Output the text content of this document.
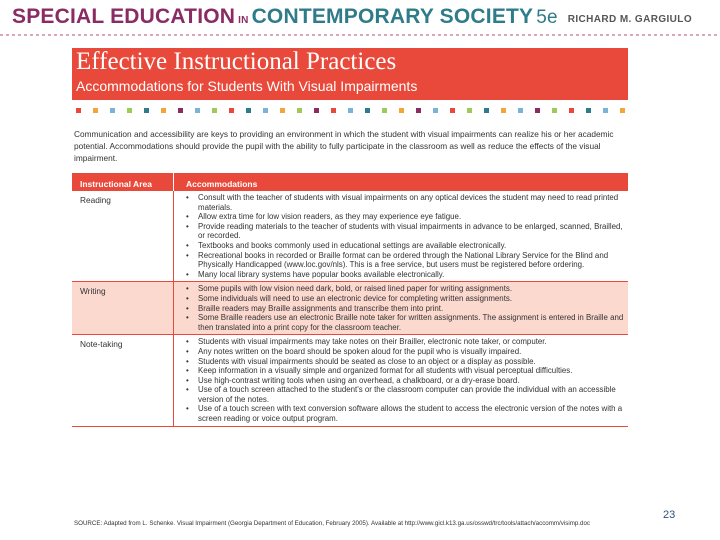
SPECIAL EDUCATION IN CONTEMPORARY SOCIETY 5e RICHARD M. GARGIULO
Effective Instructional Practices
Accommodations for Students With Visual Impairments
Communication and accessibility are keys to providing an environment in which the student with visual impairments can realize his or her academic potential. Accommodations should provide the pupil with the ability to fully participate in the classroom as well as reduce the effects of the visual impairment.
Instructional Area	Accommodations
Reading	• Consult with the teacher of students with visual impairments on any optical devices the student may need to read printed materials.
• Allow extra time for low vision readers, as they may experience eye fatigue.
• Provide reading materials to the teacher of students with visual impairments in advance to be enlarged, scanned, Brailled, or recorded.
• Textbooks and books commonly used in educational settings are available electronically.
• Recreational books in recorded or Braille format can be ordered through the National Library Service for the Blind and Physically Handicapped (www.loc.gov/nls). This is a free service, but users must be registered before ordering.
• Many local library systems have popular books available electronically.
Writing	• Some pupils with low vision need dark, bold, or raised lined paper for writing assignments.
• Some individuals will need to use an electronic device for completing written assignments.
• Braille readers may Braille assignments and transcribe them into print.
• Some Braille readers use an electronic Braille note taker for written assignments. The assignment is entered in Braille and then translated into a print copy for the classroom teacher.
Note-taking	• Students with visual impairments may take notes on their Brailler, electronic note taker, or computer.
• Any notes written on the board should be spoken aloud for the pupil who is visually impaired.
• Students with visual impairments should be seated as close to an object or a display as possible.
• Keep information in a visually simple and organized format for all students with visual perceptual difficulties.
• Use high-contrast writing tools when using an overhead, a chalkboard, or a dry-erase board.
• Use of a touch screen attached to the student's or the classroom computer can provide the individual with an accessible version of the notes.
• Use of a touch screen with text conversion software allows the student to access the electronic version of the notes with a screen reading or voice output program.
SOURCE: Adapted from L. Schenke. Visual Impairment (Georgia Department of Education, February 2005). Available at http://www.gicl.k13.ga.us/osswd/trc/tools/attach/accomm/visimp.doc
23
